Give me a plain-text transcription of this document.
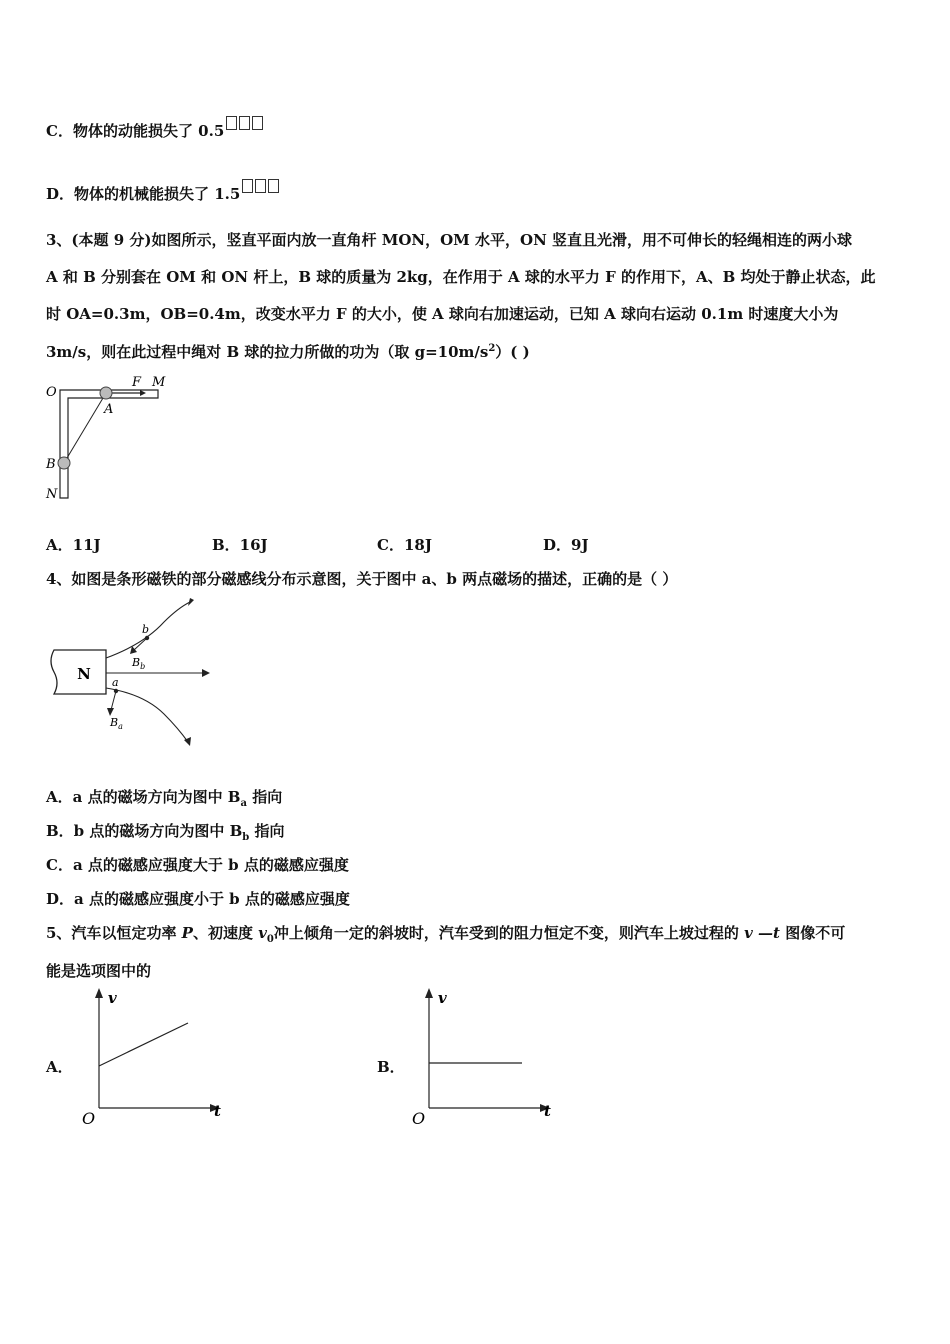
C．物体的动能损失了 0.5
D．物体的机械能损失了 1.5
3、(本题 9 分)如图所示，竖直平面内放一直角杆 MON，OM 水平，ON 竖直且光滑，用不可伸长的轻绳相连的两小球
A 和 B 分别套在 OM 和 ON 杆上，B 球的质量为 2kg，在作用于 A 球的水平力 F 的作用下，A、B 均处于静止状态，此
时 OA=0.3m，OB=0.4m，改变水平力 F 的大小，使 A 球向右加速运动，已知 A 球向右运动 0.1m 时速度大小为
3m/s，则在此过程中绳对 B 球的拉力所做的功为（取 $g=10m/s^2$）( )
O
F M
A
B
N
A．11J	B．16J	C．18J	D．9J
4、如图是条形磁铁的部分磁感线分布示意图，关于图中 a、b 两点磁场的描述，正确的是（ ）
N
b
$B_b$
a
$B_a$
A．a 点的磁场方向为图中 $B_a$ 指向
B．b 点的磁场方向为图中 $B_b$ 指向
C．a 点的磁感应强度大于 b 点的磁感应强度
D．a 点的磁感应强度小于 b 点的磁感应强度
5、汽车以恒定功率 P、初速度 $v_0$冲上倾角一定的斜坡时，汽车受到的阻力恒定不变，则汽车上坡过程的 v —t 图像不可
能是选项图中的
A．
v
t
O
B．
v
t
O
